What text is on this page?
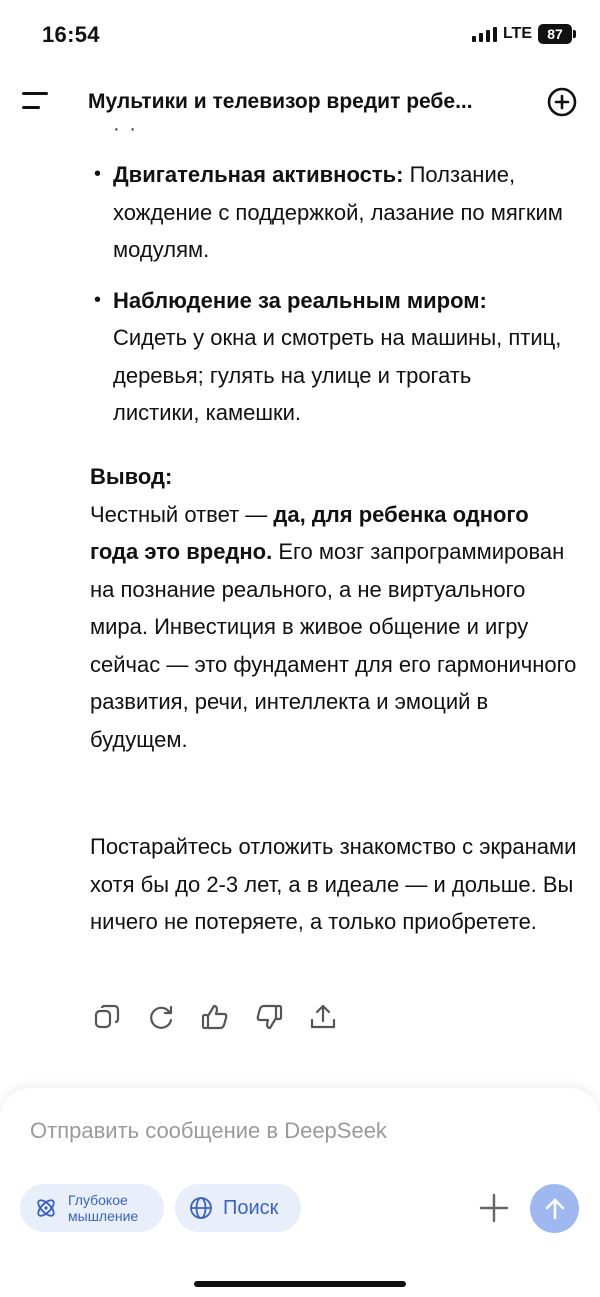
16:54	LTE 87
Мультики и телевизор вредит ребе...
· ·
• Двигательная активность: Ползание, хождение с поддержкой, лазание по мягким модулям.
• Наблюдение за реальным миром: Сидеть у окна и смотреть на машины, птиц, деревья; гулять на улице и трогать листики, камешки.
Вывод:
Честный ответ — да, для ребенка одного года это вредно. Его мозг запрограммирован на познание реального, а не виртуального мира. Инвестиция в живое общение и игру сейчас — это фундамент для его гармоничного развития, речи, интеллекта и эмоций в будущем.
Постарайтесь отложить знакомство с экранами хотя бы до 2-3 лет, а в идеале — и дольше. Вы ничего не потеряете, а только приобретете.
Отправить сообщение в DeepSeek
Глубокое
мышление	Поиск
